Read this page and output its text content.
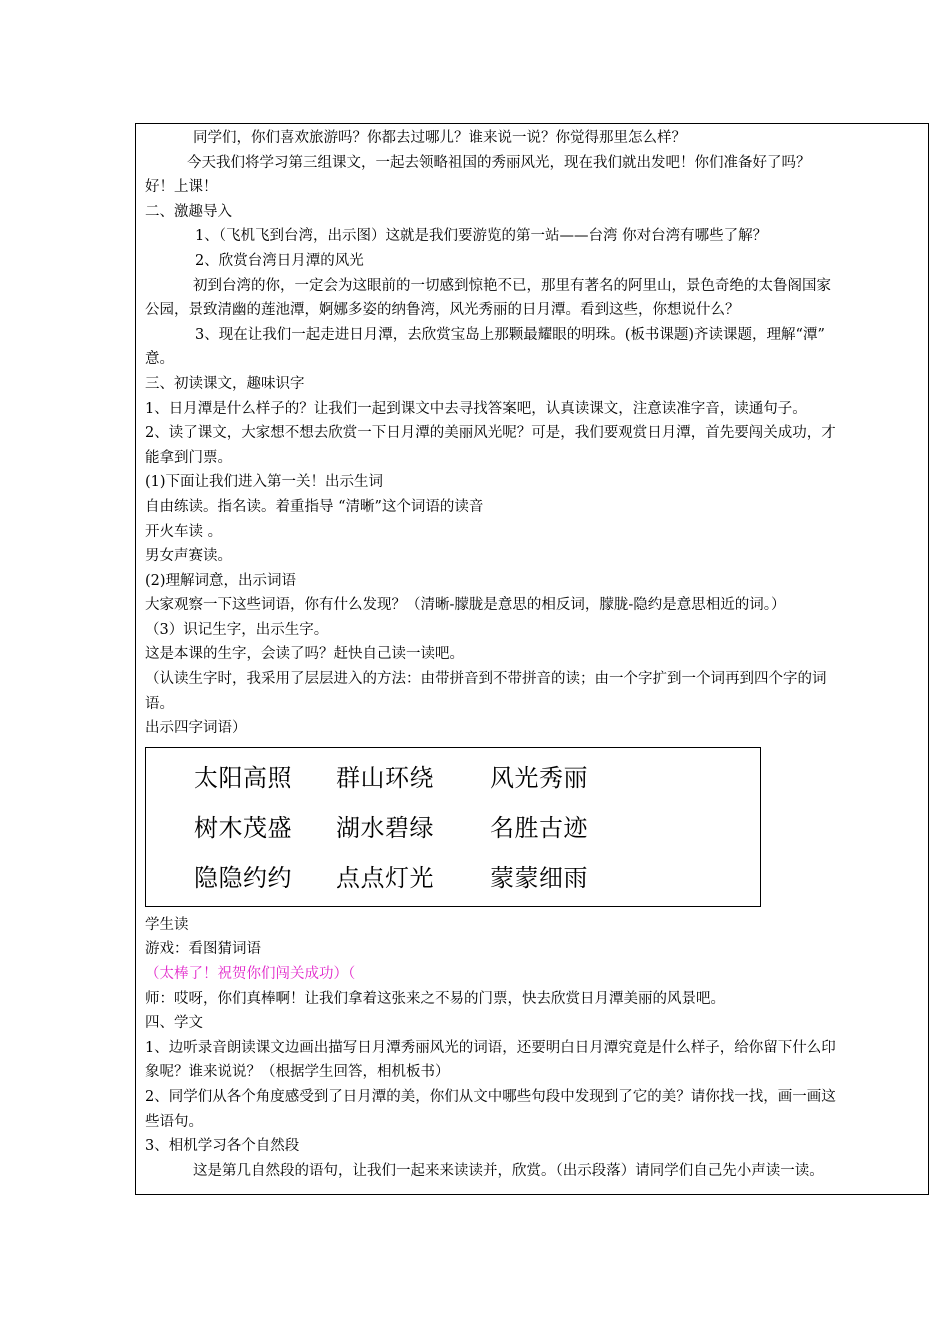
同学们，你们喜欢旅游吗？你都去过哪儿？谁来说一说？你觉得那里怎么样？
今天我们将学习第三组课文，一起去领略祖国的秀丽风光，现在我们就出发吧！你们准备好了吗？
好！上课！
二、激趣导入
1、（飞机飞到台湾，出示图）这就是我们要游览的第一站——台湾 你对台湾有哪些了解？
2、欣赏台湾日月潭的风光
初到台湾的你，一定会为这眼前的一切感到惊艳不已，那里有著名的阿里山，景色奇绝的太鲁阁国家
公园，景致清幽的莲池潭，婀娜多姿的纳鲁湾，风光秀丽的日月潭。看到这些，你想说什么？
3、现在让我们一起走进日月潭，去欣赏宝岛上那颗最耀眼的明珠。(板书课题)齐读课题，理解“潭”
意。
三、初读课文，趣味识字
1、日月潭是什么样子的？让我们一起到课文中去寻找答案吧，认真读课文，注意读准字音，读通句子。
2、读了课文，大家想不想去欣赏一下日月潭的美丽风光呢？可是，我们要观赏日月潭，首先要闯关成功，才
能拿到门票。
(1)下面让我们进入第一关！出示生词
自由练读。指名读。着重指导 “清晰”这个词语的读音
开火车读 。
男女声赛读。
(2)理解词意，出示词语
大家观察一下这些词语，你有什么发现？（清晰-朦胧是意思的相反词，朦胧-隐约是意思相近的词。）
（3）识记生字，出示生字。
这是本课的生字，会读了吗？赶快自己读一读吧。
（认读生字时，我采用了层层进入的方法：由带拼音到不带拼音的读；由一个字扩到一个词再到四个字的词
语。
出示四字词语）
太阳高照 群山环绕 风光秀丽
树木茂盛 湖水碧绿 名胜古迹
隐隐约约 点点灯光 蒙蒙细雨
学生读
游戏：看图猜词语
（太棒了！祝贺你们闯关成功）（
师：哎呀，你们真棒啊！让我们拿着这张来之不易的门票，快去欣赏日月潭美丽的风景吧。
四、学文
1、边听录音朗读课文边画出描写日月潭秀丽风光的词语，还要明白日月潭究竟是什么样子，给你留下什么印
象呢？谁来说说？（根据学生回答，相机板书）
2、同学们从各个角度感受到了日月潭的美，你们从文中哪些句段中发现到了它的美？请你找一找，画一画这
些语句。
3、相机学习各个自然段
这是第几自然段的语句，让我们一起来来读读并，欣赏。（出示段落）请同学们自己先小声读一读。
